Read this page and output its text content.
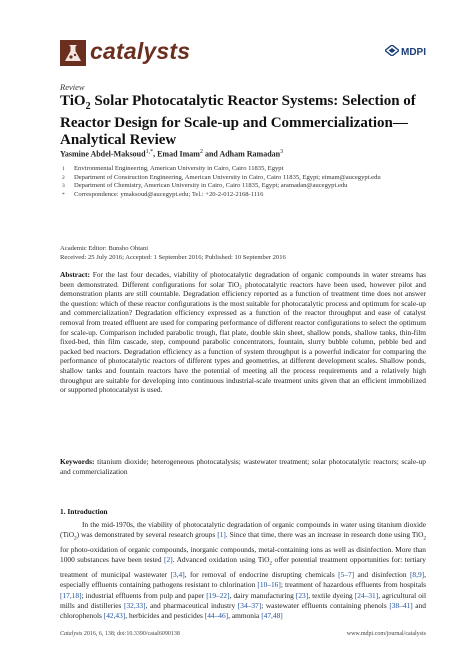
catalysts	MDPI
Review
TiO$_2$ Solar Photocatalytic Reactor Systems: Selection of Reactor Design for Scale-up and Commercialization—Analytical Review
Yasmine Abdel-Maksoud$^{1,*}$, Emad Imam$^2$ and Adham Ramadan$^3$
1 Environmental Engineering, American University in Cairo, Cairo 11835, Egypt
2 Department of Construction Engineering, American University in Cairo, Cairo 11835, Egypt; eimam@aucegypt.edu
3 Department of Chemistry, American University in Cairo, Cairo 11835, Egypt; aramadan@aucegypt.edu
* Correspondence: ymaksoud@aucegypt.edu; Tel.: +20-2-012-2168-1116
Academic Editor: Bunsho Ohtani
Received: 25 July 2016; Accepted: 1 September 2016; Published: 10 September 2016
Abstract: For the last four decades, viability of photocatalytic degradation of organic compounds in water streams has been demonstrated. Different configurations for solar TiO₂ photocatalytic reactors have been used, however pilot and demonstration plants are still countable. Degradation efficiency reported as a function of treatment time does not answer the question: which of these reactor configurations is the most suitable for photocatalytic process and optimum for scale-up and commercialization? Degradation efficiency expressed as a function of the reactor throughput and ease of catalyst removal from treated effluent are used for comparing performance of different reactor configurations to select the optimum for scale-up. Comparison included parabolic trough, flat plate, double skin sheet, shallow ponds, shallow tanks, thin-film fixed-bed, thin film cascade, step, compound parabolic concentrators, fountain, slurry bubble column, pebble bed and packed bed reactors. Degradation efficiency as a function of system throughput is a powerful indicator for comparing the performance of photocatalytic reactors of different types and geometries, at different development scales. Shallow ponds, shallow tanks and fountain reactors have the potential of meeting all the process requirements and a relatively high throughput are suitable for developing into continuous industrial-scale treatment units given that an efficient immobilized or supported photocatalyst is used.
Keywords: titanium dioxide; heterogeneous photocatalysis; wastewater treatment; solar photocatalytic reactors; scale-up and commercialization
1. Introduction
In the mid-1970s, the viability of photocatalytic degradation of organic compounds in water using titanium dioxide (TiO$_2$) was demonstrated by several research groups [1]. Since that time, there was an increase in research done using TiO$_2$ for photo-oxidation of organic compounds, inorganic compounds, metal-containing ions as well as disinfection. More than 1000 substances have been tested [2]. Advanced oxidation using TiO$_2$ offer potential treatment opportunities for: tertiary treatment of municipal wastewater [3,4], for removal of endocrine disrupting chemicals [5–7] and disinfection [8,9], especially effluents containing pathogens resistant to chlorination [10–16]; treatment of hazardous effluents from hospitals [17,18]; industrial effluents from pulp and paper [19–22], dairy manufacturing [23], textile dyeing [24–31], agricultural oil mills and distilleries [32,33], and pharmaceutical industry [34–37]; wastewater effluents containing phenols [38–41] and chlorophenols [42,43], herbicides and pesticides [44–46], ammonia [47,48]
Catalysts 2016, 6, 138; doi:10.3390/catal6090138	www.mdpi.com/journal/catalysts
